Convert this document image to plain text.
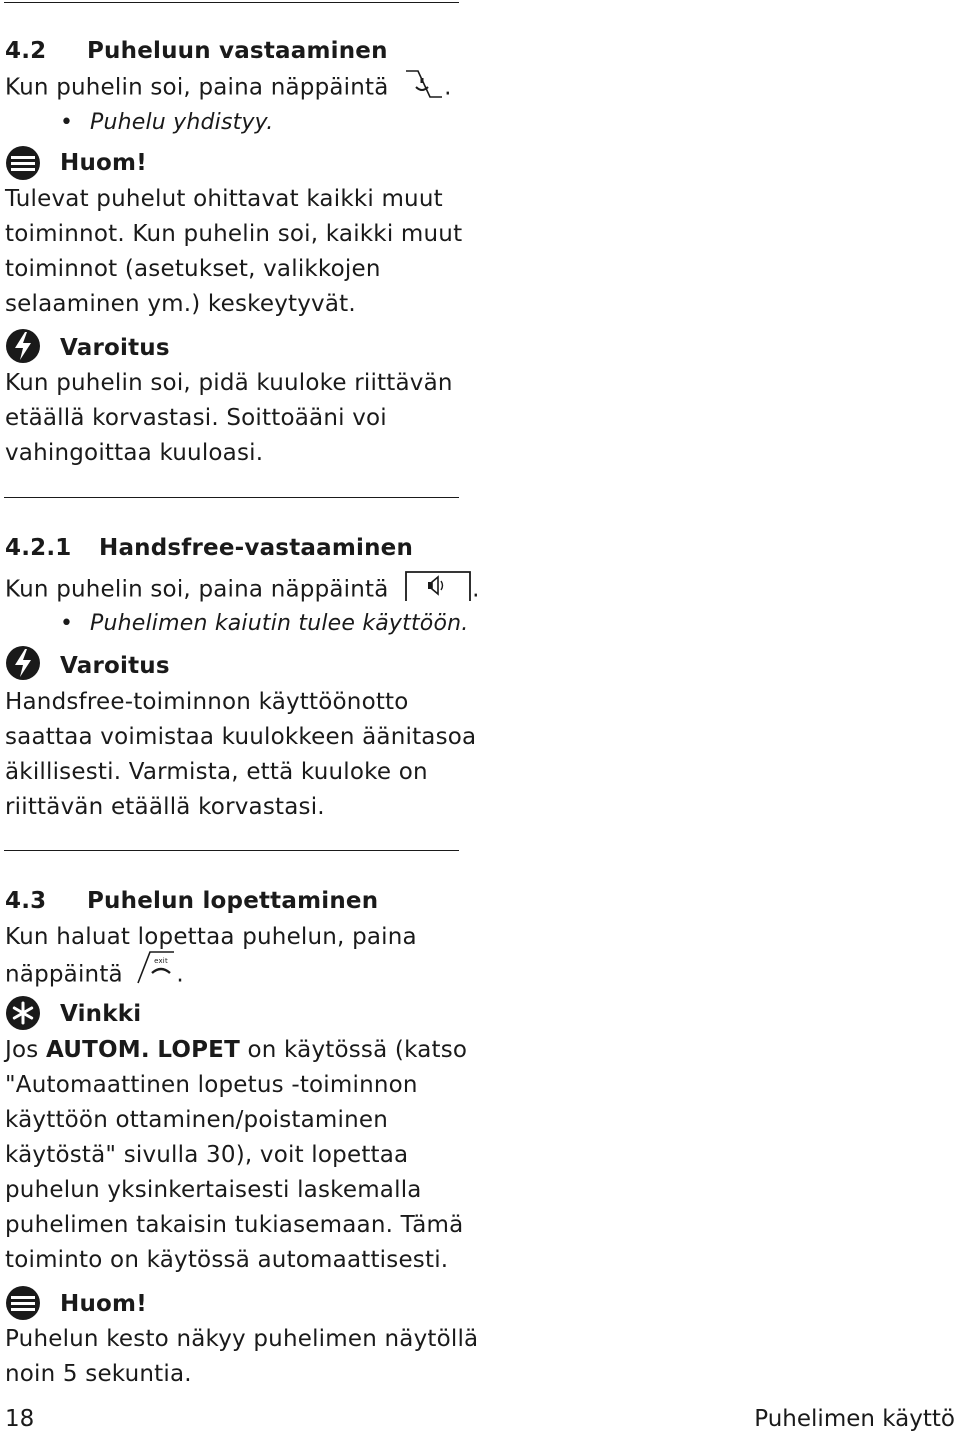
4.2 Puheluun vastaaminen
Kun puhelin soi, paina näppäintä .
• Puhelu yhdistyy.
Huom!
Tulevat puhelut ohittavat kaikki muut
toiminnot. Kun puhelin soi, kaikki muut
toiminnot (asetukset, valikkojen
selaaminen ym.) keskeytyvät.
Varoitus
Kun puhelin soi, pidä kuuloke riittävän
etäällä korvastasi. Soittoääni voi
vahingoittaa kuuloasi.
4.2.1 Handsfree-vastaaminen
Kun puhelin soi, paina näppäintä	.
• Puhelimen kaiutin tulee käyttöön.
Varoitus
Handsfree-toiminnon käyttöönotto
saattaa voimistaa kuulokkeen äänitasoa
äkillisesti. Varmista, että kuuloke on
riittävän etäällä korvastasi.
4.3 Puhelun lopettaminen
Kun haluat lopettaa puhelun, paina
näppäintä
exit
.
Vinkki
Jos AUTOM. LOPET on käytössä (katso
"Automaattinen lopetus -toiminnon
käyttöön ottaminen/poistaminen
käytöstä" sivulla 30), voit lopettaa
puhelun yksinkertaisesti laskemalla
puhelimen takaisin tukiasemaan. Tämä
toiminto on käytössä automaattisesti.
Huom!
Puhelun kesto näkyy puhelimen näytöllä
noin 5 sekuntia.
18	Puhelimen käyttö
